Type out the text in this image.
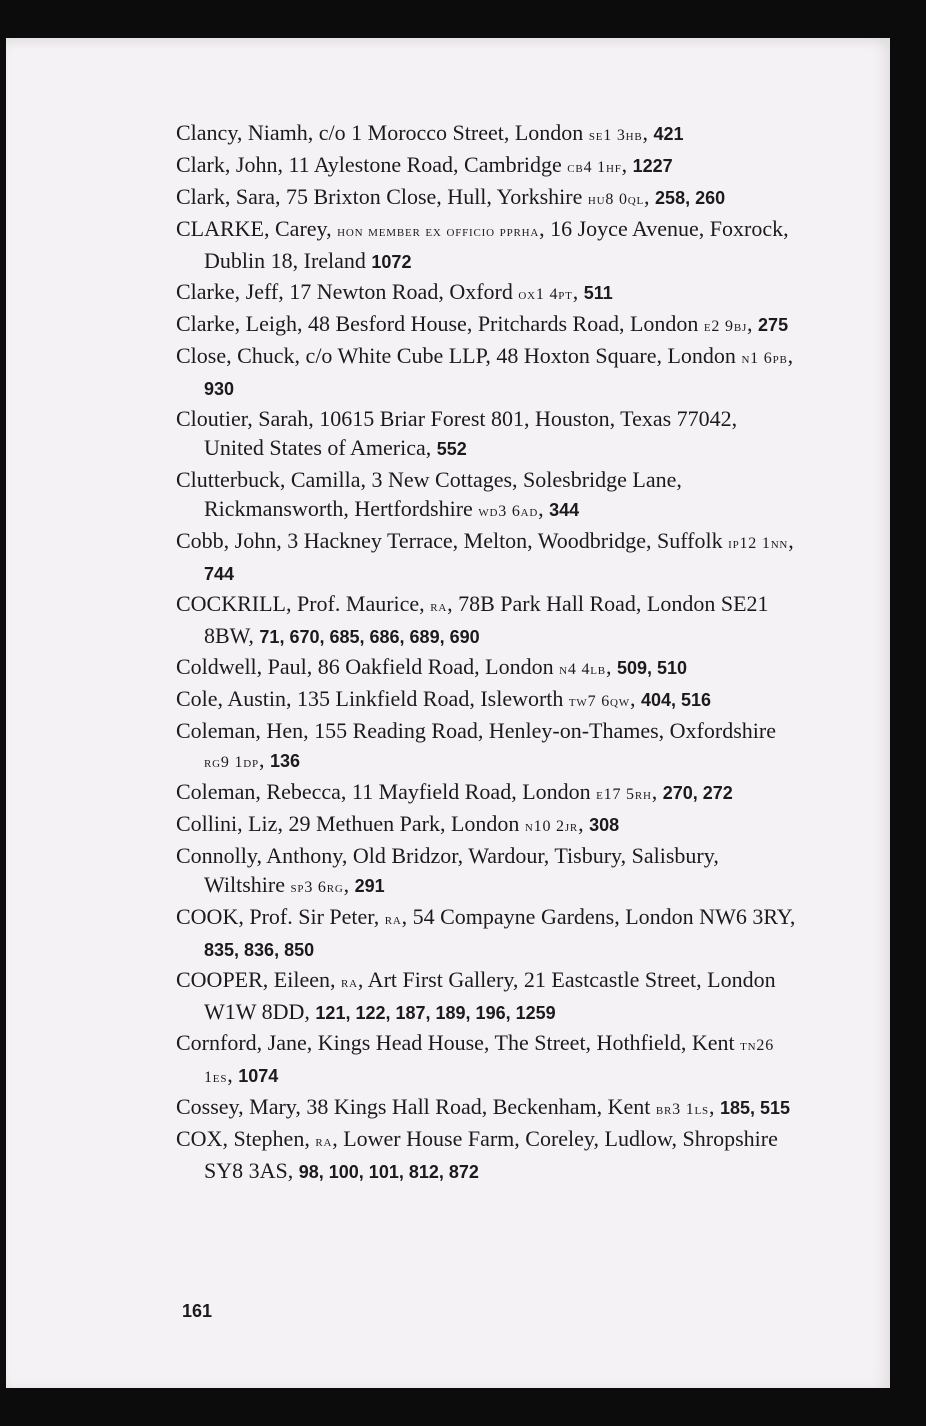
Clancy, Niamh, c/o 1 Morocco Street, London se1 3hb, 421
Clark, John, 11 Aylestone Road, Cambridge cb4 1hf, 1227
Clark, Sara, 75 Brixton Close, Hull, Yorkshire hu8 0ql, 258, 260
CLARKE, Carey, hon member ex officio pprha, 16 Joyce Avenue, Foxrock, Dublin 18, Ireland 1072
Clarke, Jeff, 17 Newton Road, Oxford ox1 4pt, 511
Clarke, Leigh, 48 Besford House, Pritchards Road, London e2 9bj, 275
Close, Chuck, c/o White Cube LLP, 48 Hoxton Square, London n1 6pb, 930
Cloutier, Sarah, 10615 Briar Forest 801, Houston, Texas 77042, United States of America, 552
Clutterbuck, Camilla, 3 New Cottages, Solesbridge Lane, Rickmansworth, Hertfordshire wd3 6ad, 344
Cobb, John, 3 Hackney Terrace, Melton, Woodbridge, Suffolk ip12 1nn, 744
COCKRILL, Prof. Maurice, ra, 78B Park Hall Road, London SE21 8BW, 71, 670, 685, 686, 689, 690
Coldwell, Paul, 86 Oakfield Road, London n4 4lb, 509, 510
Cole, Austin, 135 Linkfield Road, Isleworth tw7 6qw, 404, 516
Coleman, Hen, 155 Reading Road, Henley-on-Thames, Oxfordshire rg9 1dp, 136
Coleman, Rebecca, 11 Mayfield Road, London e17 5rh, 270, 272
Collini, Liz, 29 Methuen Park, London n10 2jr, 308
Connolly, Anthony, Old Bridzor, Wardour, Tisbury, Salisbury, Wiltshire sp3 6rg, 291
COOK, Prof. Sir Peter, ra, 54 Compayne Gardens, London NW6 3RY, 835, 836, 850
COOPER, Eileen, ra, Art First Gallery, 21 Eastcastle Street, London W1W 8DD, 121, 122, 187, 189, 196, 1259
Cornford, Jane, Kings Head House, The Street, Hothfield, Kent tn26 1es, 1074
Cossey, Mary, 38 Kings Hall Road, Beckenham, Kent br3 1ls, 185, 515
COX, Stephen, ra, Lower House Farm, Coreley, Ludlow, Shropshire SY8 3AS, 98, 100, 101, 812, 872
161
